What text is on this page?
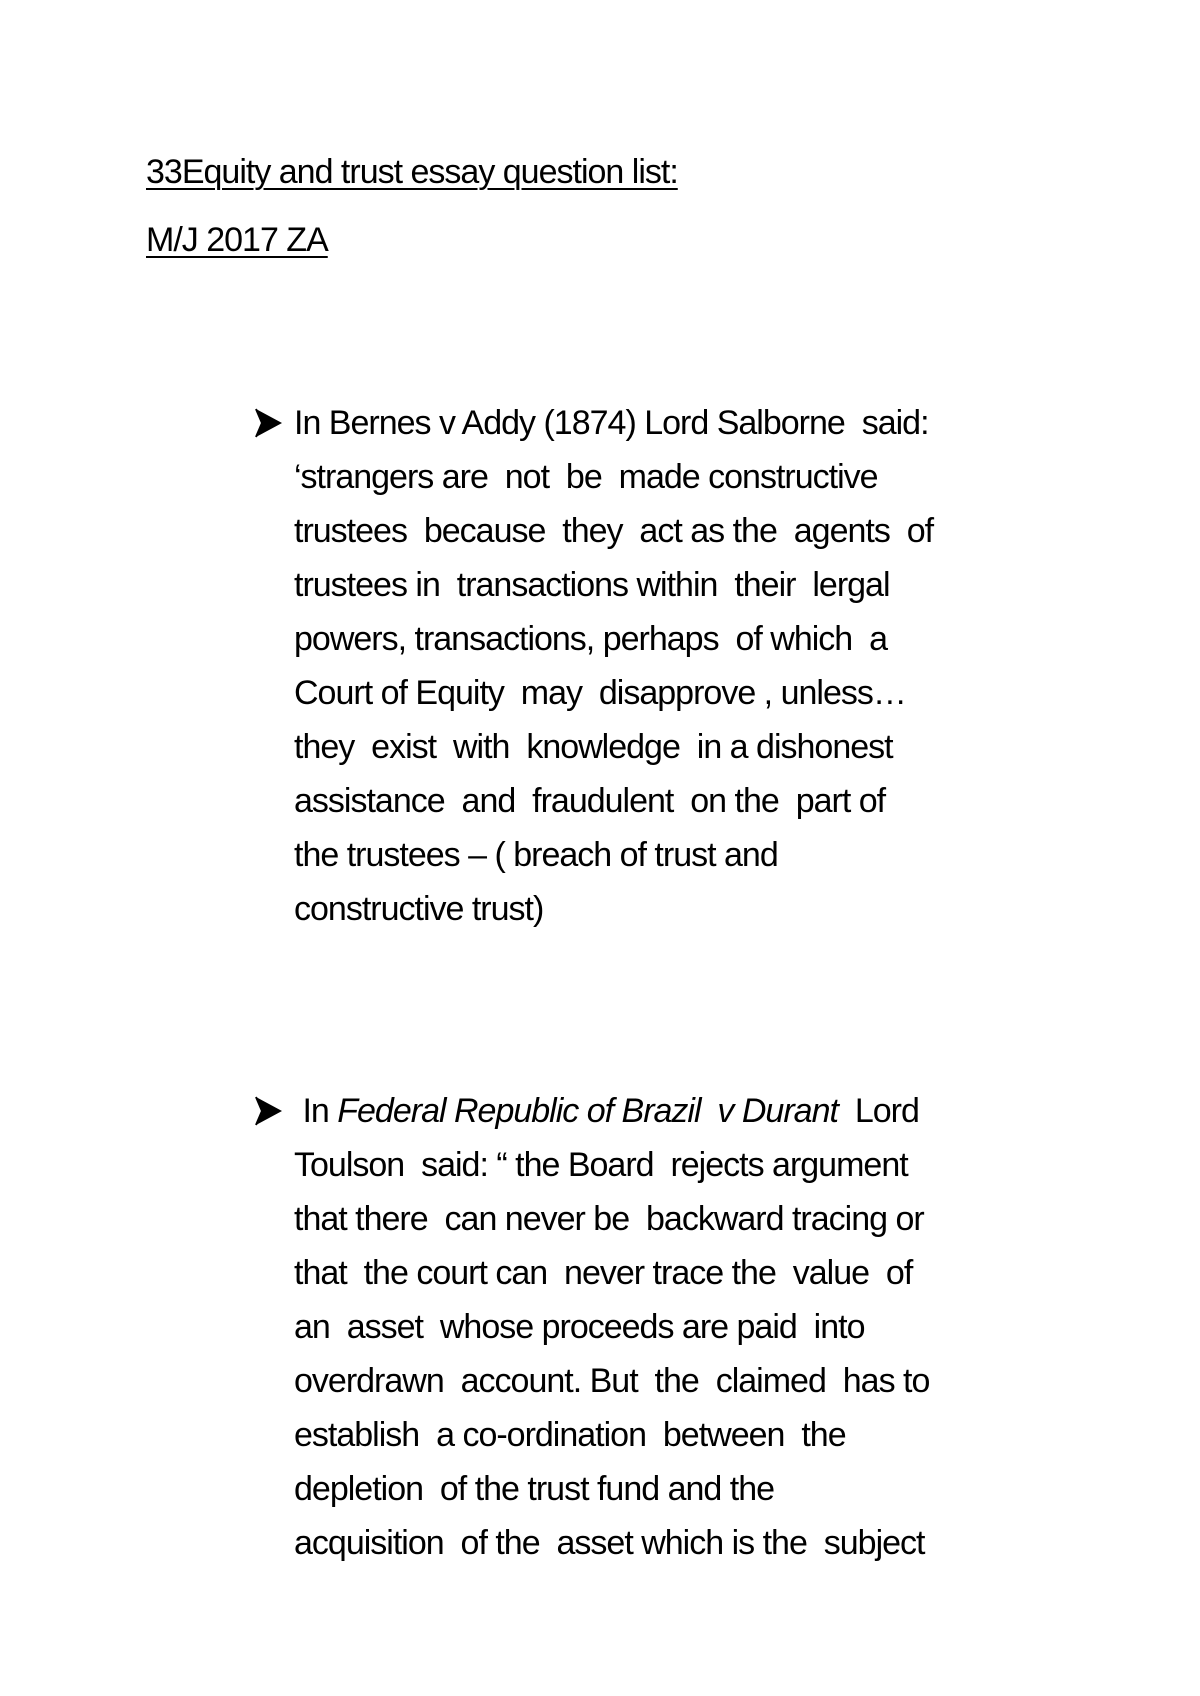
33Equity and trust essay question list:
M/J 2017 ZA
In Bernes v Addy (1874) Lord Salborne  said:
‘strangers are  not  be  made constructive
trustees  because  they  act as the  agents  of
trustees in  transactions within  their  lergal
powers, transactions, perhaps  of which  a
Court of Equity  may  disapprove , unless…
they  exist  with  knowledge  in a dishonest
assistance  and  fraudulent  on the  part of
the trustees – ( breach of trust and
constructive trust)
In Federal Republic of Brazil  v Durant  Lord
Toulson  said: “ the Board  rejects argument
that there  can never be  backward tracing or
that  the court can  never trace the  value  of
an  asset  whose proceeds are paid  into
overdrawn  account. But  the  claimed  has to
establish  a co-ordination  between  the
depletion  of the trust fund and the
acquisition  of the  asset which is the  subject
